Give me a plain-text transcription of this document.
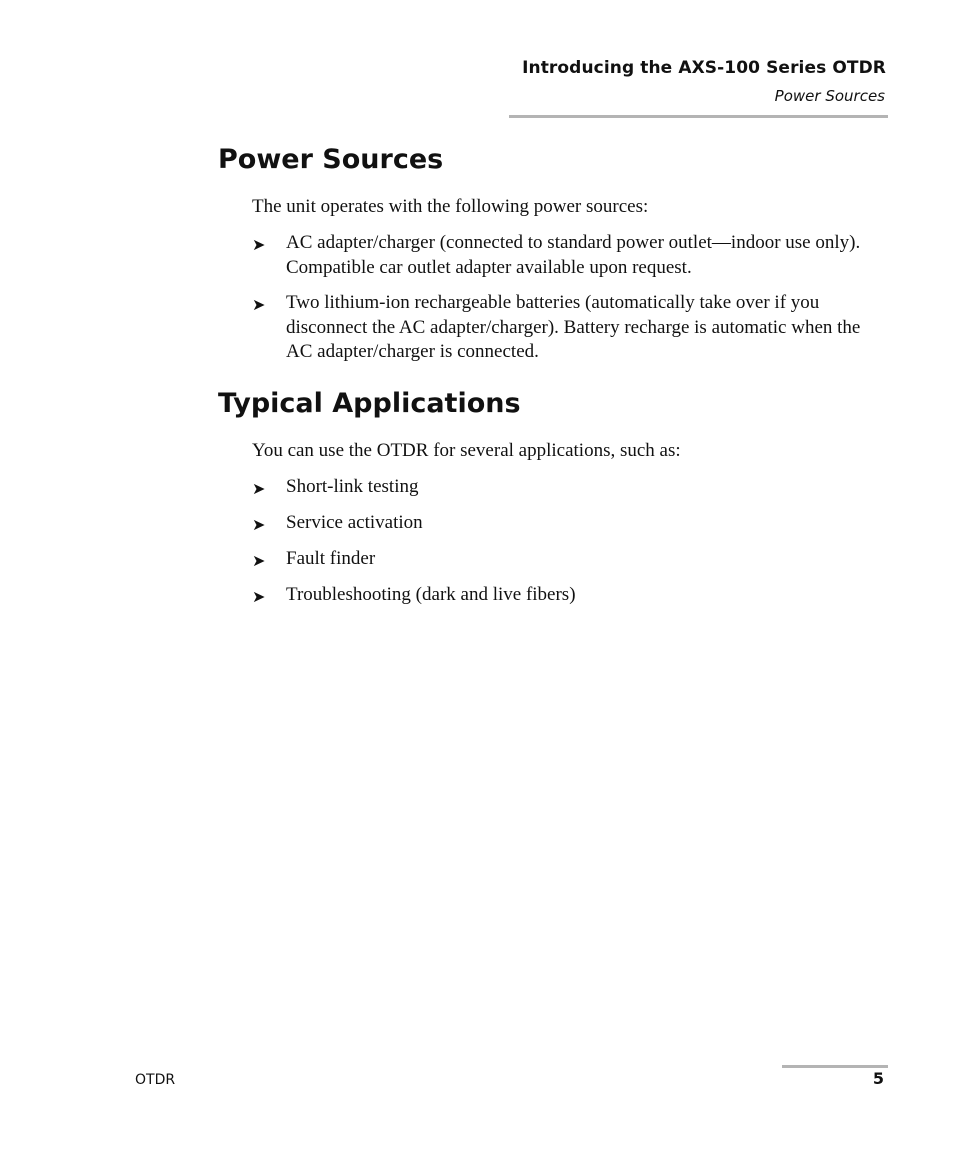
Introducing the AXS-100 Series OTDR
Power Sources
Power Sources

The unit operates with the following power sources:

➤ AC adapter/charger (connected to standard power outlet—indoor use only). Compatible car outlet adapter available upon request.
➤ Two lithium-ion rechargeable batteries (automatically take over if you disconnect the AC adapter/charger). Battery recharge is automatic when the AC adapter/charger is connected.
Typical Applications

You can use the OTDR for several applications, such as:

➤ Short-link testing
➤ Service activation
➤ Fault finder
➤ Troubleshooting (dark and live fibers)
OTDR	5
